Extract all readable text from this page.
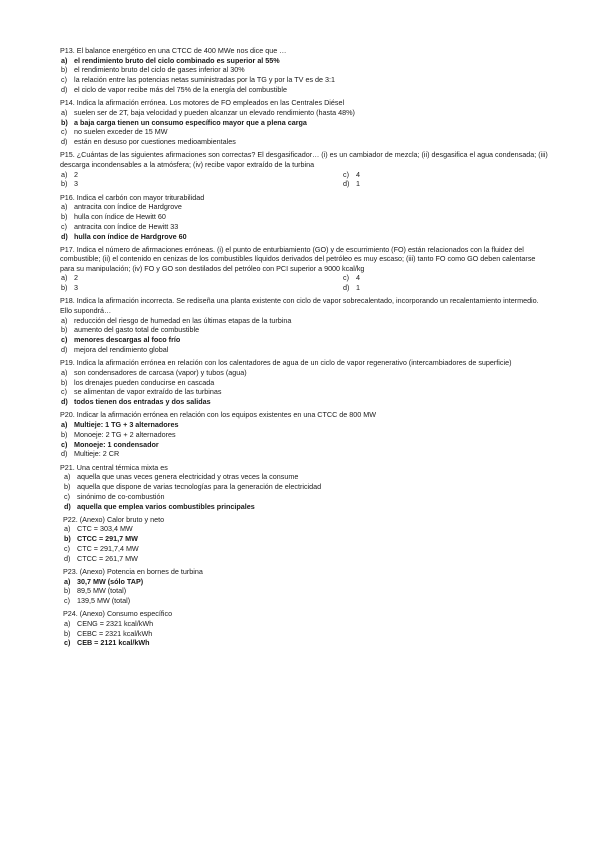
P13. El balance energético en una CTCC de 400 MWe nos dice que …
a) el rendimiento bruto del ciclo combinado es superior al 55%
b) el rendimiento bruto del ciclo de gases inferior al 30%
c) la relación entre las potencias netas suministradas por la TG y por la TV es de 3:1
d) el ciclo de vapor recibe más del 75% de la energía del combustible
P14. Indica la afirmación errónea. Los motores de FO empleados en las Centrales Diésel
a) suelen ser de 2T, baja velocidad y pueden alcanzar un elevado rendimiento (hasta 48%)
b) a baja carga tienen un consumo específico mayor que a plena carga
c) no suelen exceder de 15 MW
d) están en desuso por cuestiones medioambientales
P15. ¿Cuántas de las siguientes afirmaciones son correctas? El desgasificador… (i) es un cambiador de mezcla; (ii) desgasifica el agua condensada; (iii) descarga incondensables a la atmósfera; (iv) recibe vapor extraído de la turbina
a) 2	c) 4
b) 3	d) 1
P16. Indica el carbón con mayor triturabilidad
a) antracita con índice de Hardgrove
b) hulla con índice de Hewitt 60
c) antracita con índice de Hewitt 33
d) hulla con índice de Hardgrove 60
P17. Indica el número de afirmaciones erróneas. (i) el punto de enturbiamiento (GO) y de escurrimiento (FO) están relacionados con la fluidez del combustible; (ii) el contenido en cenizas de los combustibles líquidos derivados del petróleo es muy escaso; (iii) tanto FO como GO deben calentarse para su manipulación; (iv) FO y GO son destilados del petróleo con PCI superior a 9000 kcal/kg
a) 2	c) 4
b) 3	d) 1
P18. Indica la afirmación incorrecta. Se rediseña una planta existente con ciclo de vapor sobrecalentado, incorporando un recalentamiento intermedio. Ello supondrá…
a) reducción del riesgo de humedad en las últimas etapas de la turbina
b) aumento del gasto total de combustible
c) menores descargas al foco frío
d) mejora del rendimiento global
P19. Indica la afirmación errónea en relación con los calentadores de agua de un ciclo de vapor regenerativo (intercambiadores de superficie)
a) son condensadores de carcasa (vapor) y tubos (agua)
b) los drenajes pueden conducirse en cascada
c) se alimentan de vapor extraído de las turbinas
d) todos tienen dos entradas y dos salidas
P20. Indicar la afirmación errónea en relación con los equipos existentes en una CTCC de 800 MW
a) Multieje: 1 TG + 3 alternadores
b) Monoeje: 2 TG + 2 alternadores
c) Monoeje: 1 condensador
d) Multieje: 2 CR
P21. Una central térmica mixta es
a) aquella que unas veces genera electricidad y otras veces la consume
b) aquella que dispone de varias tecnologías para la generación de electricidad
c) sinónimo de co-combustión
d) aquella que emplea varios combustibles principales
P22. (Anexo) Calor bruto y neto
a) CTC = 303,4 MW
b) CTCC = 291,7 MW
c) CTC = 291,7,4 MW
d) CTCC = 261,7 MW
P23. (Anexo) Potencia en bornes de turbina
a) 30,7 MW (sólo TAP)
b) 89,5 MW (total)
c) 139,5 MW (total)
P24. (Anexo) Consumo específico
a) CENG = 2321 kcal/kWh
b) CEBC = 2321 kcal/kWh
c) CEB = 2121 kcal/kWh
